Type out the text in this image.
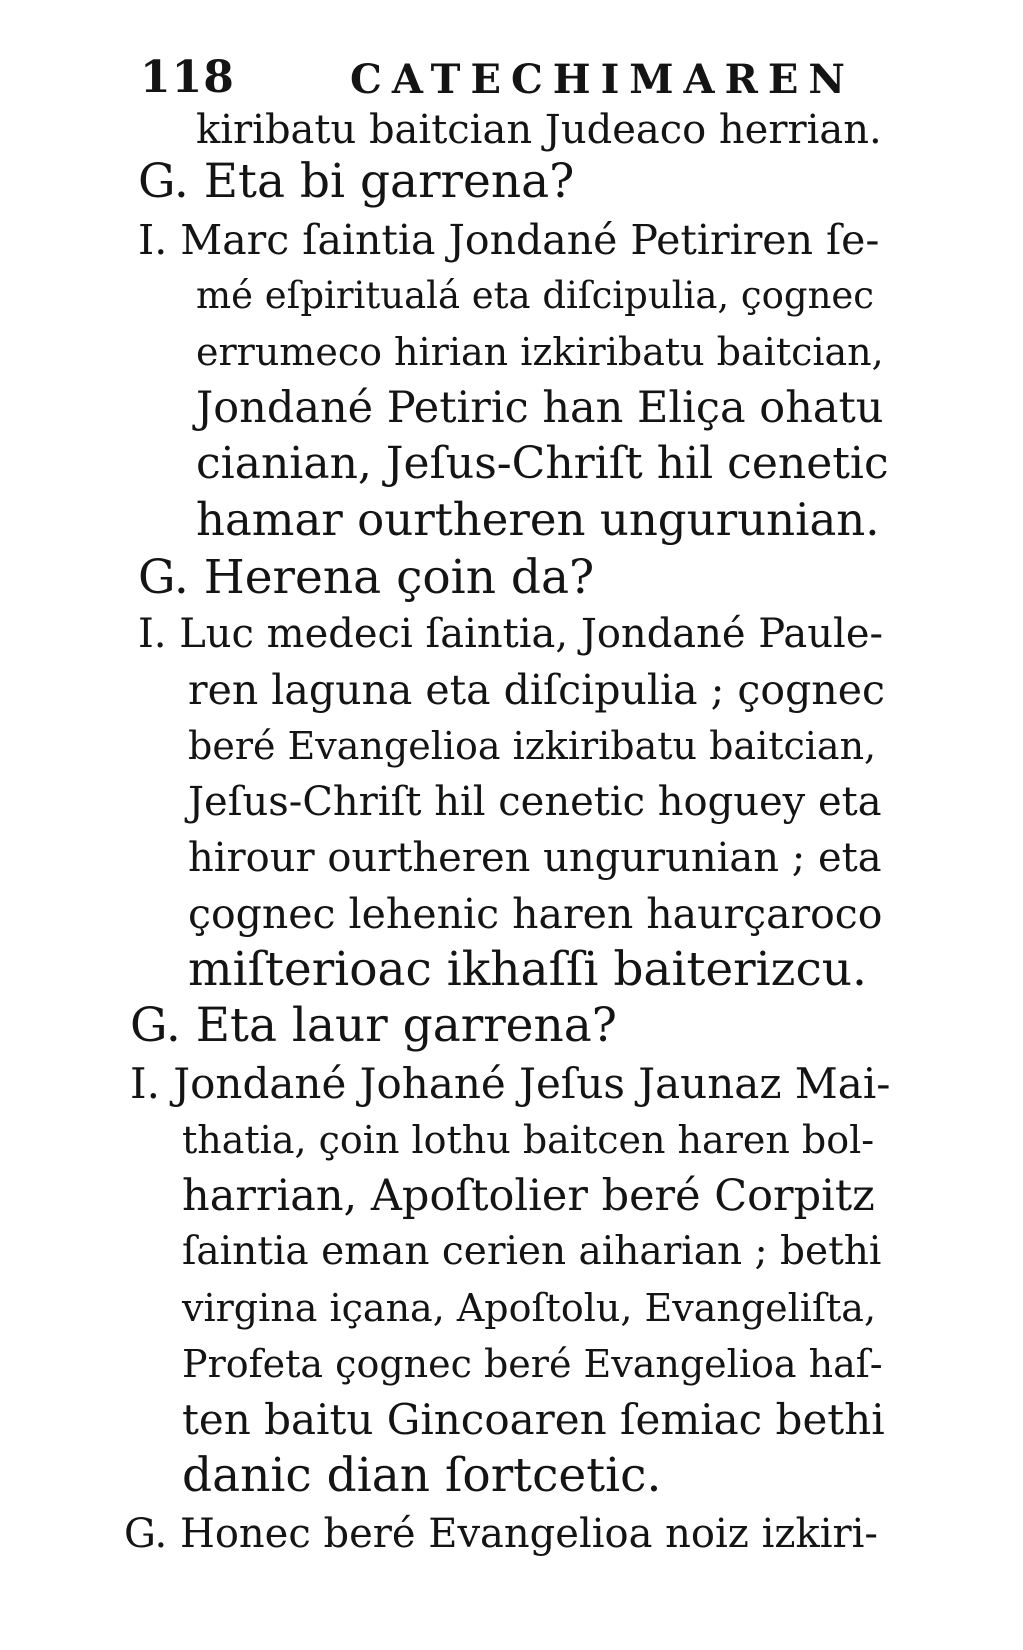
118	CATECHIMAREN
kiribatu baitcian Judeaco herrian.
G. Eta bi garrena?
I. Marc ſaintia Jondané Petiriren ſe-
mé eſpiritualá eta diſcipulia, çognec
errumeco hirian izkiribatu baitcian,
Jondané Petiric han Eliça ohatu
cianian, Jeſus-Chriſt hil cenetic
hamar ourtheren ungurunian.
G. Herena çoin da?
I. Luc medeci ſaintia, Jondané Paule-
ren laguna eta diſcipulia ; çognec
beré Evangelioa izkiribatu baitcian,
Jeſus-Chriſt hil cenetic hoguey eta
hirour ourtheren ungurunian ; eta
çognec lehenic haren haurçaroco
miſterioac ikhaſſi baiterizcu.
G. Eta laur garrena?
I. Jondané Johané Jeſus Jaunaz Mai-
thatia, çoin lothu baitcen haren bol-
harrian, Apoſtolier beré Corpitz
ſaintia eman cerien aiharian ; bethi
virgina içana, Apoſtolu, Evangeliſta,
Profeta çognec beré Evangelioa haſ-
ten baitu Gincoaren ſemiac bethi
danic dian ſortcetic.
G. Honec beré Evangelioa noiz izkiri-
